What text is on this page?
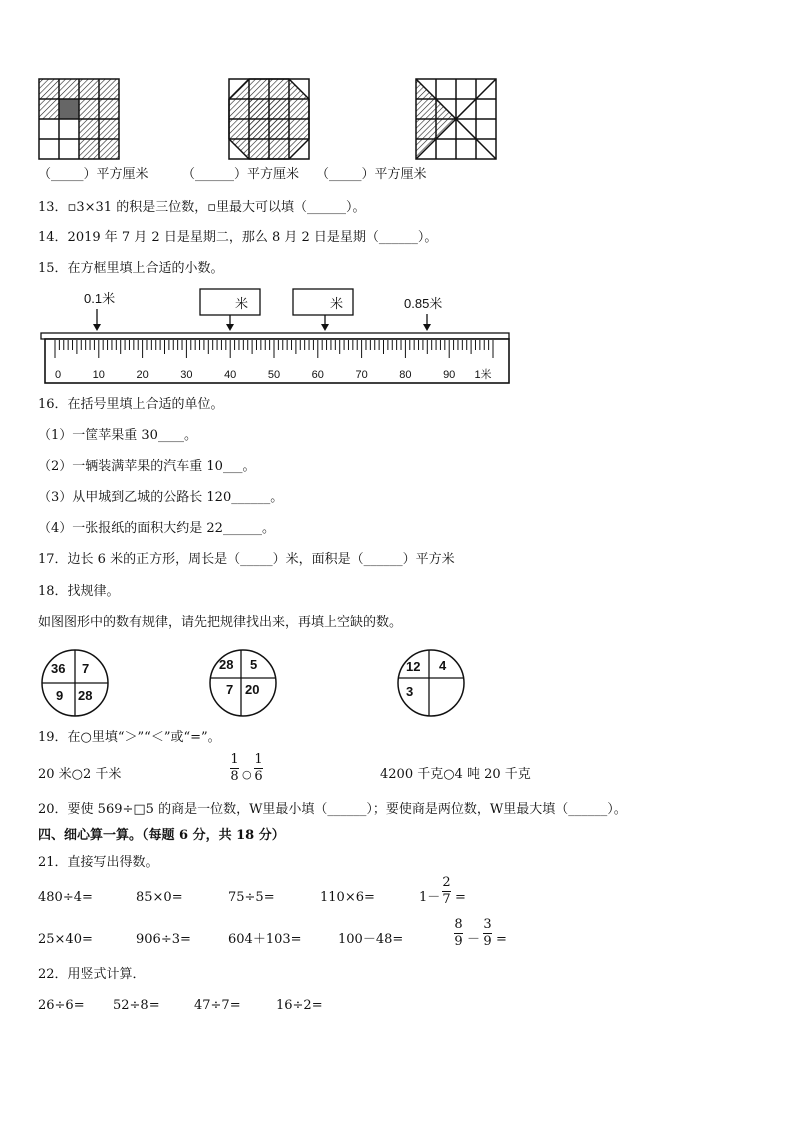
（_____）平方厘米	（______）平方厘米 （_____）平方厘米
13．▫3×31 的积是三位数，▫里最大可以填（______）。
14．2019 年 7 月 2 日是星期二，那么 8 月 2 日是星期（______）。
15．在方框里填上合适的小数。
0.1米	米	米	0.85米
0	10	20	30	40	50	60	70	80	90 1米
16．在括号里填上合适的单位。
（1）一筐苹果重 30____。
（2）一辆装满苹果的汽车重 10___。
（3）从甲城到乙城的公路长 120______。
（4）一张报纸的面积大约是 22______。
17．边长 6 米的正方形，周长是（_____）米，面积是（______）平方米
18．找规律。
如图图形中的数有规律，请先把规律找出来，再填上空缺的数。
36 7
9 28
28 5
7 20
12 4
3
19．在○里填“＞”“＜”或“=”。
20 米○2 千米
1
8 ○
1
6	4200 千克○4 吨 20 千克
20．要使 569÷□5 的商是一位数，W里最小填（______）；要使商是两位数，W里最大填（______）。
四、细心算一算。（每题 6 分，共 18 分）
21．直接写出得数。
480÷4=	85×0=	75÷5=	110×6=	1－
2
7 =
25×40=	906÷3=	604＋103=	100－48=
8
9 －
3
9 =
22．用竖式计算．
26÷6= 52÷8=	47÷7=	16÷2=
